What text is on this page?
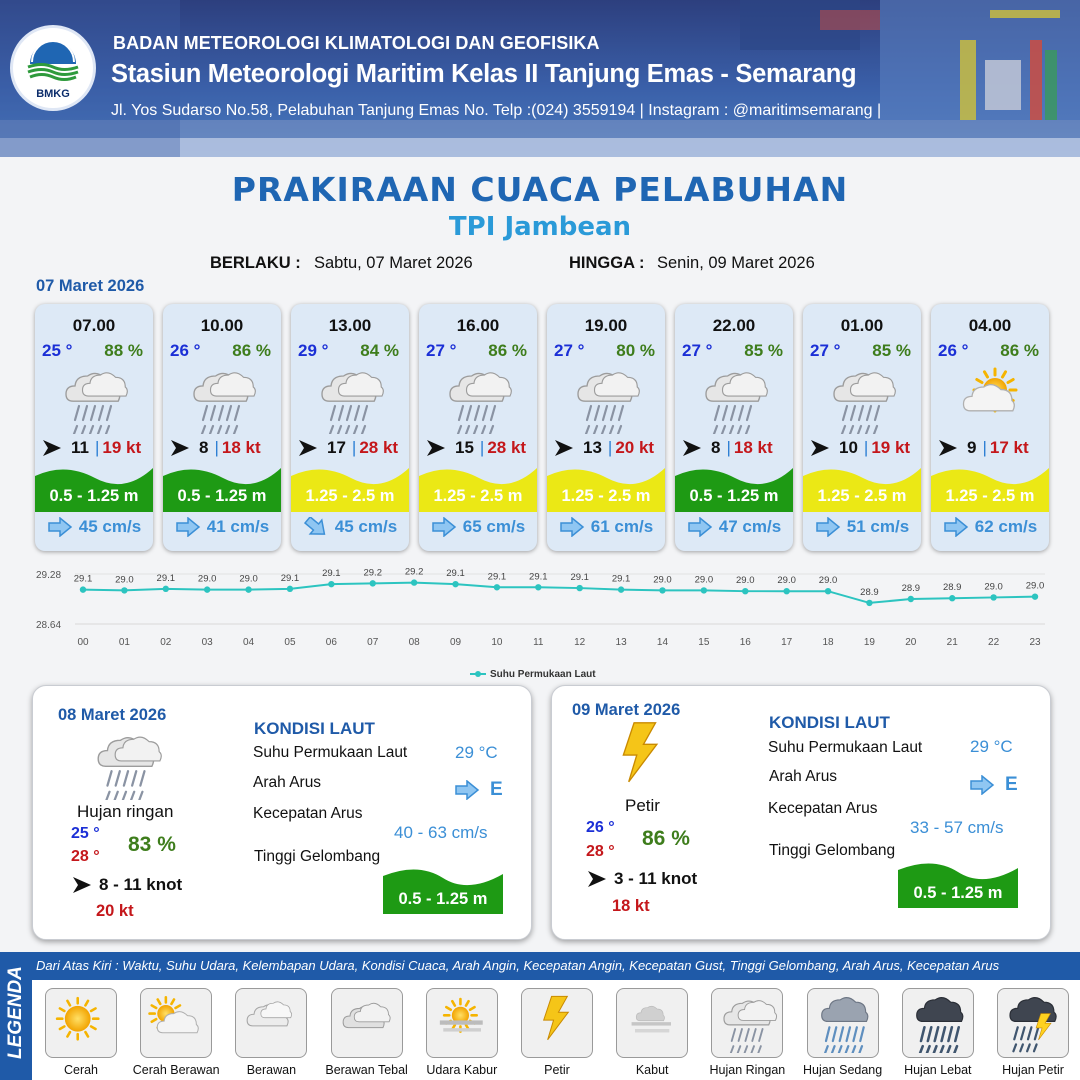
BMKG
BADAN METEOROLOGI KLIMATOLOGI DAN GEOFISIKA
Stasiun Meteorologi Maritim Kelas II Tanjung Emas - Semarang
Jl. Yos Sudarso No.58, Pelabuhan Tanjung Emas No. Telp :(024) 3559194 | Instagram : @maritimsemarang |
PRAKIRAAN CUACA PELABUHAN
TPI Jambean
BERLAKU : Sabtu, 07 Maret 2026	HINGGA : Senin, 09 Maret 2026
07 Maret 2026
07.00
25 ° 88 %
11 | 19 kt
0.5 - 1.25 m
45 cm/s
10.00
26 ° 86 %
8 | 18 kt
0.5 - 1.25 m
41 cm/s
13.00
29 ° 84 %
17 | 28 kt
1.25 - 2.5 m
45 cm/s
16.00
27 ° 86 %
15 | 28 kt
1.25 - 2.5 m
65 cm/s
19.00
27 ° 80 %
13 | 20 kt
1.25 - 2.5 m
61 cm/s
22.00
27 ° 85 %
8 | 18 kt
0.5 - 1.25 m
47 cm/s
01.00
27 ° 85 %
10 | 19 kt
1.25 - 2.5 m
51 cm/s
04.00
26 ° 86 %
9 | 17 kt
1.25 - 2.5 m
62 cm/s
29.28
28.64
29.1
00
29.0
01
29.1
02
29.0
03
29.0
04
29.1
05
29.1
06
29.2
07
29.2
08
29.1
09
29.1
10
29.1
11
29.1
12
29.1
13
29.0
14
29.0
15
29.0
16
29.0
17
29.0
18
28.9
19
28.9
20
28.9
21
29.0
22
29.0
23
Suhu Permukaan Laut
08 Maret 2026
Hujan ringan
25 °
28 °
83 %
8 - 11 knot
20 kt
KONDISI LAUT
Suhu Permukaan Laut	29 °C
Arah Arus	E
Kecepatan Arus
40 - 63 cm/s
Tinggi Gelombang
0.5 - 1.25 m
09 Maret 2026
Petir
26 °
28 °
86 %
3 - 11 knot
18 kt
KONDISI LAUT
Suhu Permukaan Laut	29 °C
Arah Arus	E
Kecepatan Arus
33 - 57 cm/s
Tinggi Gelombang
0.5 - 1.25 m
LEGENDA
Dari Atas Kiri : Waktu, Suhu Udara, Kelembapan Udara, Kondisi Cuaca, Arah Angin, Kecepatan Angin, Kecepatan Gust, Tinggi Gelombang, Arah Arus, Kecepatan Arus
Cerah	Cerah Berawan	Berawan	Berawan Tebal	Udara Kabur	Petir	Kabut	Hujan Ringan	Hujan Sedang	Hujan Lebat	Hujan Petir
